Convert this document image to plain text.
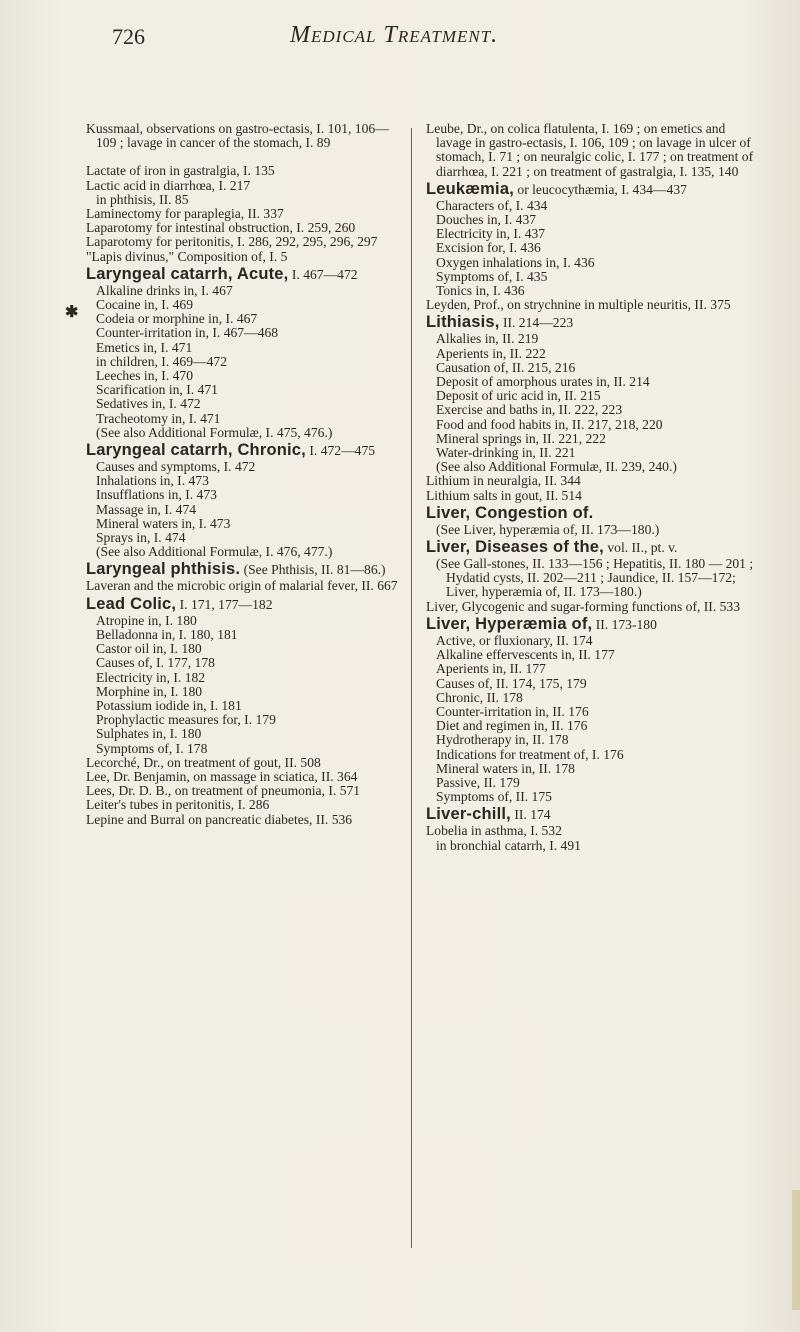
726	Medical Treatment.
✱

Kussmaal, observations on gastro-ectasis, I. 101, 106—109 ; lavage in cancer of the stomach, I. 89

Lactate of iron in gastralgia, I. 135

Lactic acid in diarrhœa, I. 217

in phthisis, II. 85

Laminectomy for paraplegia, II. 337

Laparotomy for intestinal obstruction, I. 259, 260

Laparotomy for peritonitis, I. 286, 292, 295, 296, 297

"Lapis divinus," Composition of, I. 5

Laryngeal catarrh, Acute, I. 467—472

Alkaline drinks in, I. 467

Cocaine in, I. 469

Codeia or morphine in, I. 467

Counter-irritation in, I. 467—468

Emetics in, I. 471

in children, I. 469—472

Leeches in, I. 470

Scarification in, I. 471

Sedatives in, I. 472

Tracheotomy in, I. 471

(See also Additional Formulæ, I. 475, 476.)

Laryngeal catarrh, Chronic, I. 472—475

Causes and symptoms, I. 472

Inhalations in, I. 473

Insufflations in, I. 473

Massage in, I. 474

Mineral waters in, I. 473

Sprays in, I. 474

(See also Additional Formulæ, I. 476, 477.)

Laryngeal phthisis. (See Phthisis, II. 81—86.)

Laveran and the microbic origin of malarial fever, II. 667

Lead Colic, I. 171, 177—182

Atropine in, I. 180

Belladonna in, I. 180, 181

Castor oil in, I. 180

Causes of, I. 177, 178

Electricity in, I. 182

Morphine in, I. 180

Potassium iodide in, I. 181

Prophylactic measures for, I. 179

Sulphates in, I. 180

Symptoms of, I. 178

Lecorché, Dr., on treatment of gout, II. 508

Lee, Dr. Benjamin, on massage in sciatica, II. 364

Lees, Dr. D. B., on treatment of pneumonia, I. 571

Leiter's tubes in peritonitis, I. 286

Lepine and Burral on pancreatic diabetes, II. 536

Leube, Dr., on colica flatulenta, I. 169 ; on emetics and lavage in gastro-ectasis, I. 106, 109 ; on lavage in ulcer of stomach, I. 71 ; on neuralgic colic, I. 177 ; on treatment of diarrhœa, I. 221 ; on treatment of gastralgia, I. 135, 140

Leukæmia, or leucocythæmia, I. 434—437

Characters of, I. 434

Douches in, I. 437

Electricity in, I. 437

Excision for, I. 436

Oxygen inhalations in, I. 436

Symptoms of, I. 435

Tonics in, I. 436

Leyden, Prof., on strychnine in multiple neuritis, II. 375

Lithiasis, II. 214—223

Alkalies in, II. 219

Aperients in, II. 222

Causation of, II. 215, 216

Deposit of amorphous urates in, II. 214

Deposit of uric acid in, II. 215

Exercise and baths in, II. 222, 223

Food and food habits in, II. 217, 218, 220

Mineral springs in, II. 221, 222

Water-drinking in, II. 221

(See also Additional Formulæ, II. 239, 240.)

Lithium in neuralgia, II. 344

Lithium salts in gout, II. 514

Liver, Congestion of.

(See Liver, hyperæmia of, II. 173—180.)

Liver, Diseases of the, vol. II., pt. v.

(See Gall-stones, II. 133—156 ; Hepatitis, II. 180 — 201 ; Hydatid cysts, II. 202—211 ; Jaundice, II. 157—172; Liver, hyperæmia of, II. 173—180.)

Liver, Glycogenic and sugar-forming functions of, II. 533

Liver, Hyperæmia of, II. 173-180

Active, or fluxionary, II. 174

Alkaline effervescents in, II. 177

Aperients in, II. 177

Causes of, II. 174, 175, 179

Chronic, II. 178

Counter-irritation in, II. 176

Diet and regimen in, II. 176

Hydrotherapy in, II. 178

Indications for treatment of, I. 176

Mineral waters in, II. 178

Passive, II. 179

Symptoms of, II. 175

Liver-chill, II. 174

Lobelia in asthma, I. 532

in bronchial catarrh, I. 491
